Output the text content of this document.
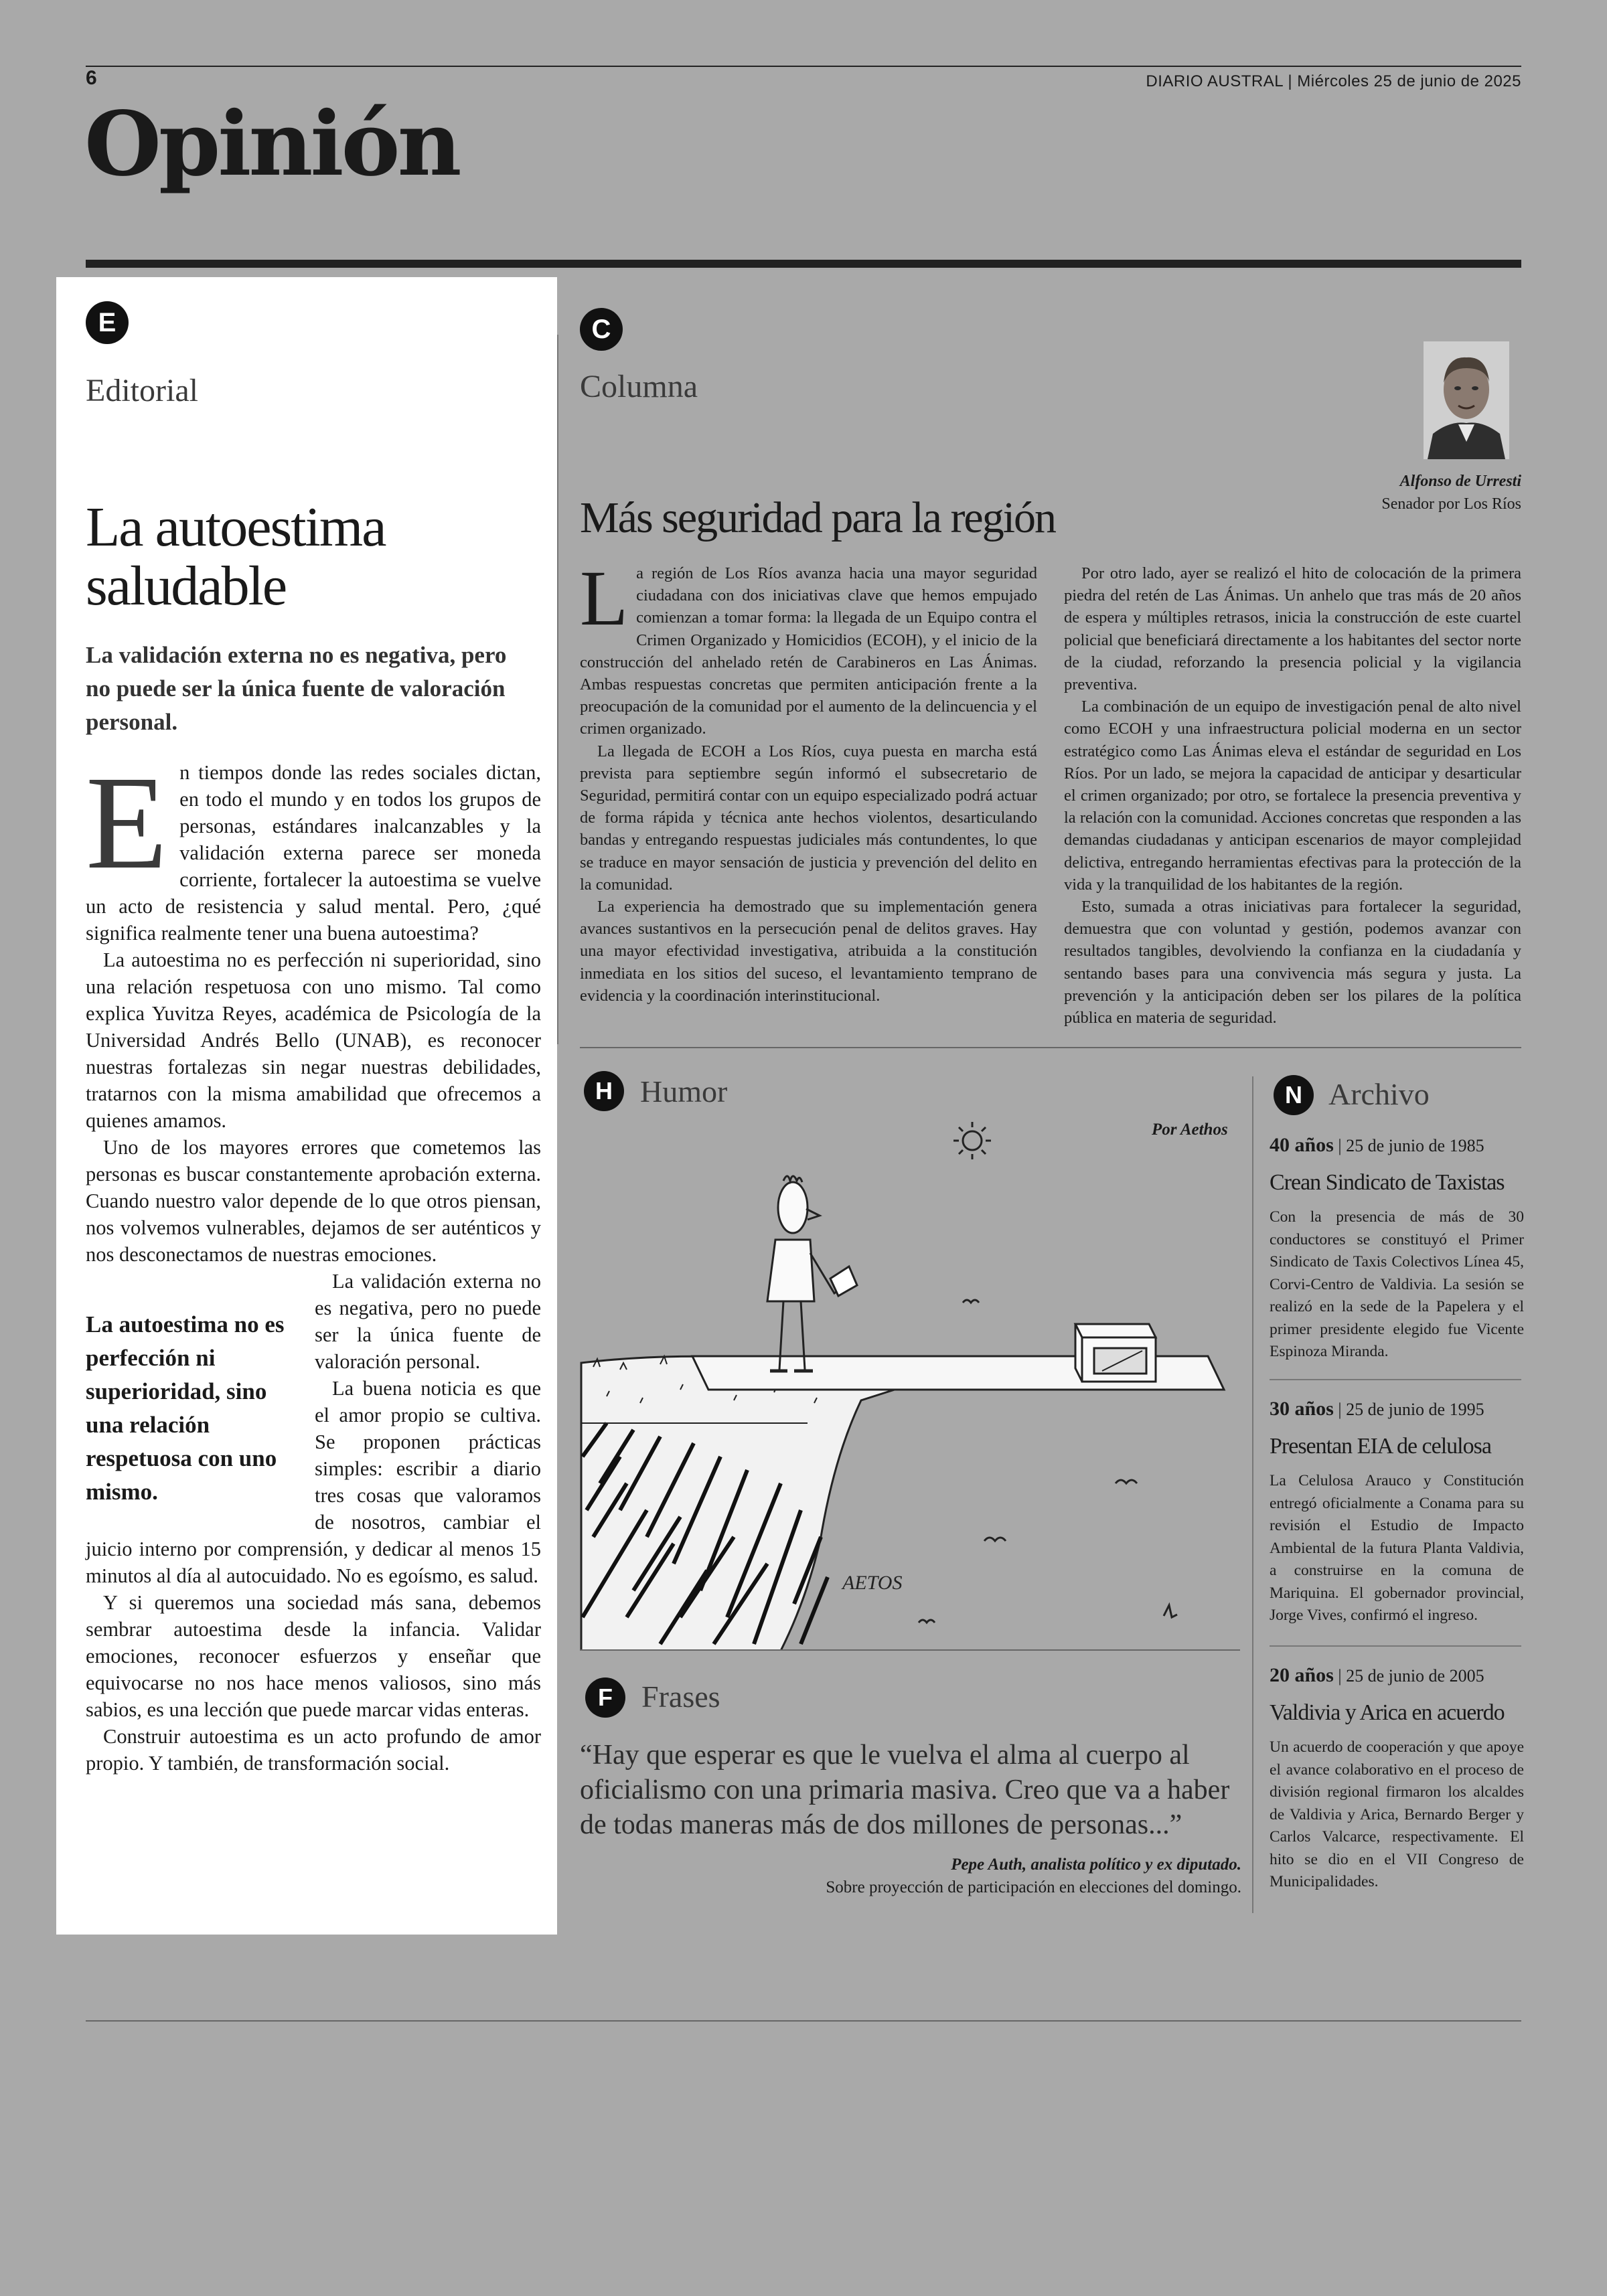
6	DIARIO AUSTRAL | Miércoles 25 de junio de 2025
Opinión
E
Editorial
La autoestima saludable
La validación externa no es negativa, pero no puede ser la única fuente de valoración personal.

En tiempos donde las redes sociales dictan, en todo el mundo y en todos los grupos de personas, estándares inalcanzables y la validación externa parece ser moneda corriente, fortalecer la autoestima se vuelve un acto de resistencia y salud mental. Pero, ¿qué significa realmente tener una buena autoestima?

La autoestima no es perfección ni superioridad, sino una relación respetuosa con uno mismo. Tal como explica Yuvitza Reyes, académica de Psicología de la Universidad Andrés Bello (UNAB), es reconocer nuestras fortalezas sin negar nuestras debilidades, tratarnos con la misma amabilidad que ofrecemos a quienes amamos.

Uno de los mayores errores que cometemos las personas es buscar constantemente aprobación externa. Cuando nuestro valor depende de lo que otros piensan, nos volvemos vulnerables, dejamos de ser auténticos y nos desconectamos de nuestras emociones.

La autoestima no es perfección ni superioridad, sino una relación respetuosa con uno mismo.

La validación externa no es negativa, pero no puede ser la única fuente de valoración personal.

La buena noticia es que el amor propio se cultiva. Se proponen prácticas simples: escribir a diario tres cosas que valoramos de nosotros, cambiar el juicio interno por comprensión, y dedicar al menos 15 minutos al día al autocuidado. No es egoísmo, es salud.

Y si queremos una sociedad más sana, debemos sembrar autoestima desde la infancia. Validar emociones, reconocer esfuerzos y enseñar que equivocarse no nos hace menos valiosos, sino más sabios, es una lección que puede marcar vidas enteras.

Construir autoestima es un acto profundo de amor propio. Y también, de transformación social.

C
Columna
Alfonso de Urresti
Senador por Los Ríos
Más seguridad para la región

La región de Los Ríos avanza hacia una mayor seguridad ciudadana con dos iniciativas clave que hemos empujado comienzan a tomar forma: la llegada de un Equipo contra el Crimen Organizado y Homicidios (ECOH), y el inicio de la construcción del anhelado retén de Carabineros en Las Ánimas. Ambas respuestas concretas que permiten anticipación frente a la preocupación de la comunidad por el aumento de la delincuencia y el crimen organizado.

La llegada de ECOH a Los Ríos, cuya puesta en marcha está prevista para septiembre según informó el subsecretario de Seguridad, permitirá contar con un equipo especializado podrá actuar de forma rápida y técnica ante hechos violentos, desarticulando bandas y entregando respuestas judiciales más contundentes, lo que se traduce en mayor sensación de justicia y prevención del delito en la comunidad.

La experiencia ha demostrado que su implementación genera avances sustantivos en la persecución penal de delitos graves. Hay una mayor efectividad investigativa, atribuida a la constitución inmediata en los sitios del suceso, el levantamiento temprano de evidencia y la coordinación interinstitucional.

Por otro lado, ayer se realizó el hito de colocación de la primera piedra del retén de Las Ánimas. Un anhelo que tras más de 20 años de espera y múltiples retrasos, inicia la construcción de este cuartel policial que beneficiará directamente a los habitantes del sector norte de la ciudad, reforzando la presencia policial y la vigilancia preventiva.

La combinación de un equipo de investigación penal de alto nivel como ECOH y una infraestructura policial moderna en un sector estratégico como Las Ánimas eleva el estándar de seguridad en Los Ríos. Por un lado, se mejora la capacidad de anticipar y desarticular el crimen organizado; por otro, se fortalece la presencia preventiva y la relación con la comunidad. Acciones concretas que responden a las demandas ciudadanas y anticipan escenarios de mayor complejidad delictiva, entregando herramientas efectivas para la protección de la vida y la tranquilidad de los habitantes de la región.

Esto, sumada a otras iniciativas para fortalecer la seguridad, demuestra que con voluntad y gestión, podemos avanzar con resultados tangibles, devolviendo la confianza en la ciudadanía y sentando bases para una convivencia más segura y justa. La prevención y la anticipación deben ser los pilares de la política pública en materia de seguridad.

H Humor
Por Aethos
AETOS
F Frases
“Hay que esperar es que le vuelva el alma al cuerpo al oficialismo con una primaria masiva. Creo que va a haber de todas maneras más de dos millones de personas...”
Pepe Auth, analista político y ex diputado.
Sobre proyección de participación en elecciones del domingo.
N Archivo
40 años | 25 de junio de 1985
Crean Sindicato de Taxistas
Con la presencia de más de 30 conductores se constituyó el Primer Sindicato de Taxis Colectivos Línea 45, Corvi-Centro de Valdivia. La sesión se realizó en la sede de la Papelera y el primer presidente elegido fue Vicente Espinoza Miranda.
30 años | 25 de junio de 1995
Presentan EIA de celulosa
La Celulosa Arauco y Constitución entregó oficialmente a Conama para su revisión el Estudio de Impacto Ambiental de la futura Planta Valdivia, a construirse en la comuna de Mariquina. El gobernador provincial, Jorge Vives, confirmó el ingreso.
20 años | 25 de junio de 2005
Valdivia y Arica en acuerdo
Un acuerdo de cooperación y que apoye el avance colaborativo en el proceso de división regional firmaron los alcaldes de Valdivia y Arica, Bernardo Berger y Carlos Valcarce, respectivamente. El hito se dio en el VII Congreso de Municipalidades.
